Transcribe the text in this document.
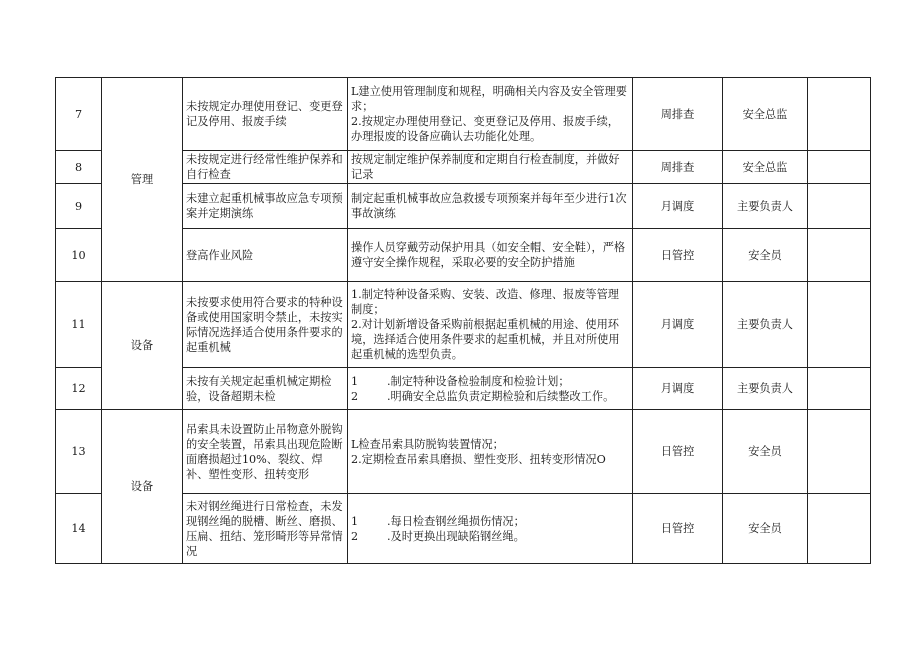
7	管理	未按规定办理使用登记、变更登记及停用、报废手续	L建立使用管理制度和规程，明确相关内容及安全管理要求；
2.按规定办理使用登记、变更登记及停用、报废手续，办理报废的设备应确认去功能化处理。	周排查	安全总监	
8		未按规定进行经常性维护保养和自行检查	按规定制定维护保养制度和定期自行检查制度，并做好记录	周排查	安全总监	
9		未建立起重机械事故应急专项预案并定期演练	制定起重机械事故应急救援专项预案并每年至少进行1次事故演练	月调度	主要负责人	
10		登高作业风险	操作人员穿戴劳动保护用具（如安全帽、安全鞋），严格遵守安全操作规程，采取必要的安全防护措施	日管控	安全员	
11	设备	未按要求使用符合要求的特种设备或使用国家明令禁止，未按实际情况选择适合使用条件要求的起重机械	1.制定特种设备采购、安装、改造、修理、报废等管理制度；
2.对计划新增设备采购前根据起重机械的用途、使用环境，选择适合使用条件要求的起重机械，并且对所使用起重机械的选型负责。	月调度	主要负责人	
12		未按有关规定起重机械定期检验，设备超期未检	1 .制定特种设备检验制度和检验计划；
2 .明确安全总监负责定期检验和后续整改工作。	月调度	主要负责人	
13	设备	吊索具未设置防止吊物意外脱钩的安全装置，吊索具出现危险断面磨损超过10%、裂纹、焊补、塑性变形、扭转变形	L检查吊索具防脱钩装置情况；
2.定期检查吊索具磨损、塑性变形、扭转变形情况O	日管控	安全员	
14		未对钢丝绳进行日常检查，未发现钢丝绳的脱槽、断丝、磨损、压扁、扭结、笼形畸形等异常情况	1 .每日检查钢丝绳损伤情况；
2 .及时更换出现缺陷钢丝绳。	日管控	安全员	
